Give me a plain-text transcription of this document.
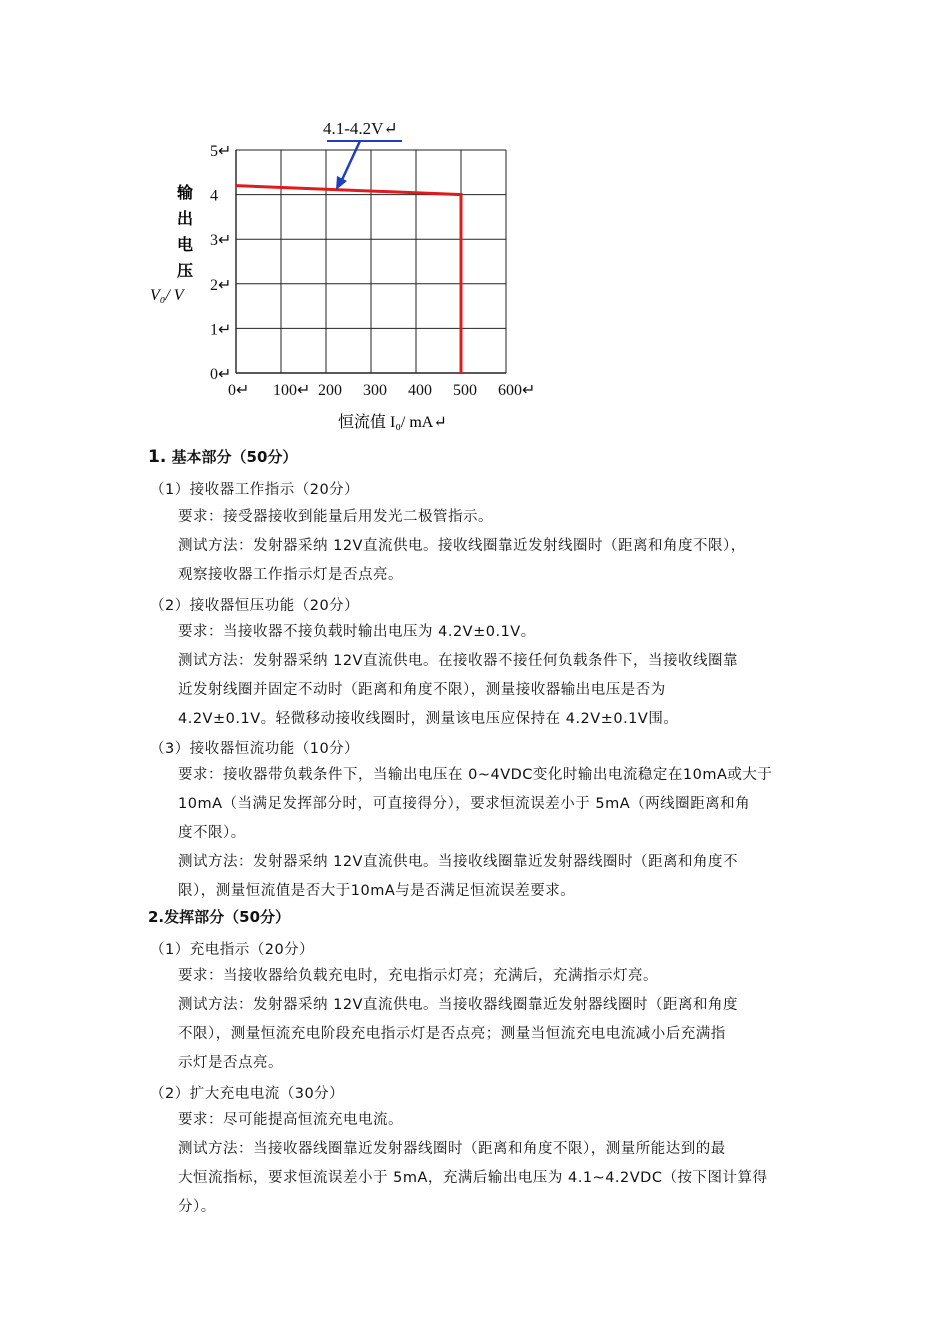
0↵ 100↵ 200 300 400 500 600↵
0↵
1↵
2↵
3↵
4
5↵
4.1-4.2V↵
输
出
电
压
V₀/ V
恒流值 I₀/ mA↵
1. 基本部分（50分）
（1）接收器工作指示（20分）
要求：接受器接收到能量后用发光二极管指示。
测试方法：发射器采纳 12V直流供电。接收线圈靠近发射线圈时（距离和角度不限），
观察接收器工作指示灯是否点亮。
（2）接收器恒压功能（20分）
要求：当接收器不接负载时输出电压为 4.2V±0.1V。
测试方法：发射器采纳 12V直流供电。在接收器不接任何负载条件下，当接收线圈靠
近发射线圈并固定不动时（距离和角度不限），测量接收器输出电压是否为
4.2V±0.1V。轻微移动接收线圈时，测量该电压应保持在 4.2V±0.1V围。
（3）接收器恒流功能（10分）
要求：接收器带负载条件下，当输出电压在 0~4VDC变化时输出电流稳定在10mA或大于
10mA（当满足发挥部分时，可直接得分），要求恒流误差小于 5mA（两线圈距离和角
度不限）。
测试方法：发射器采纳 12V直流供电。当接收线圈靠近发射器线圈时（距离和角度不
限），测量恒流值是否大于10mA与是否满足恒流误差要求。
2.发挥部分（50分）
（1）充电指示（20分）
要求：当接收器给负载充电时，充电指示灯亮；充满后，充满指示灯亮。
测试方法：发射器采纳 12V直流供电。当接收器线圈靠近发射器线圈时（距离和角度
不限），测量恒流充电阶段充电指示灯是否点亮；测量当恒流充电电流减小后充满指
示灯是否点亮。
（2）扩大充电电流（30分）
要求：尽可能提高恒流充电电流。
测试方法：当接收器线圈靠近发射器线圈时（距离和角度不限），测量所能达到的最
大恒流指标，要求恒流误差小于 5mA，充满后输出电压为 4.1~4.2VDC（按下图计算得
分）。
